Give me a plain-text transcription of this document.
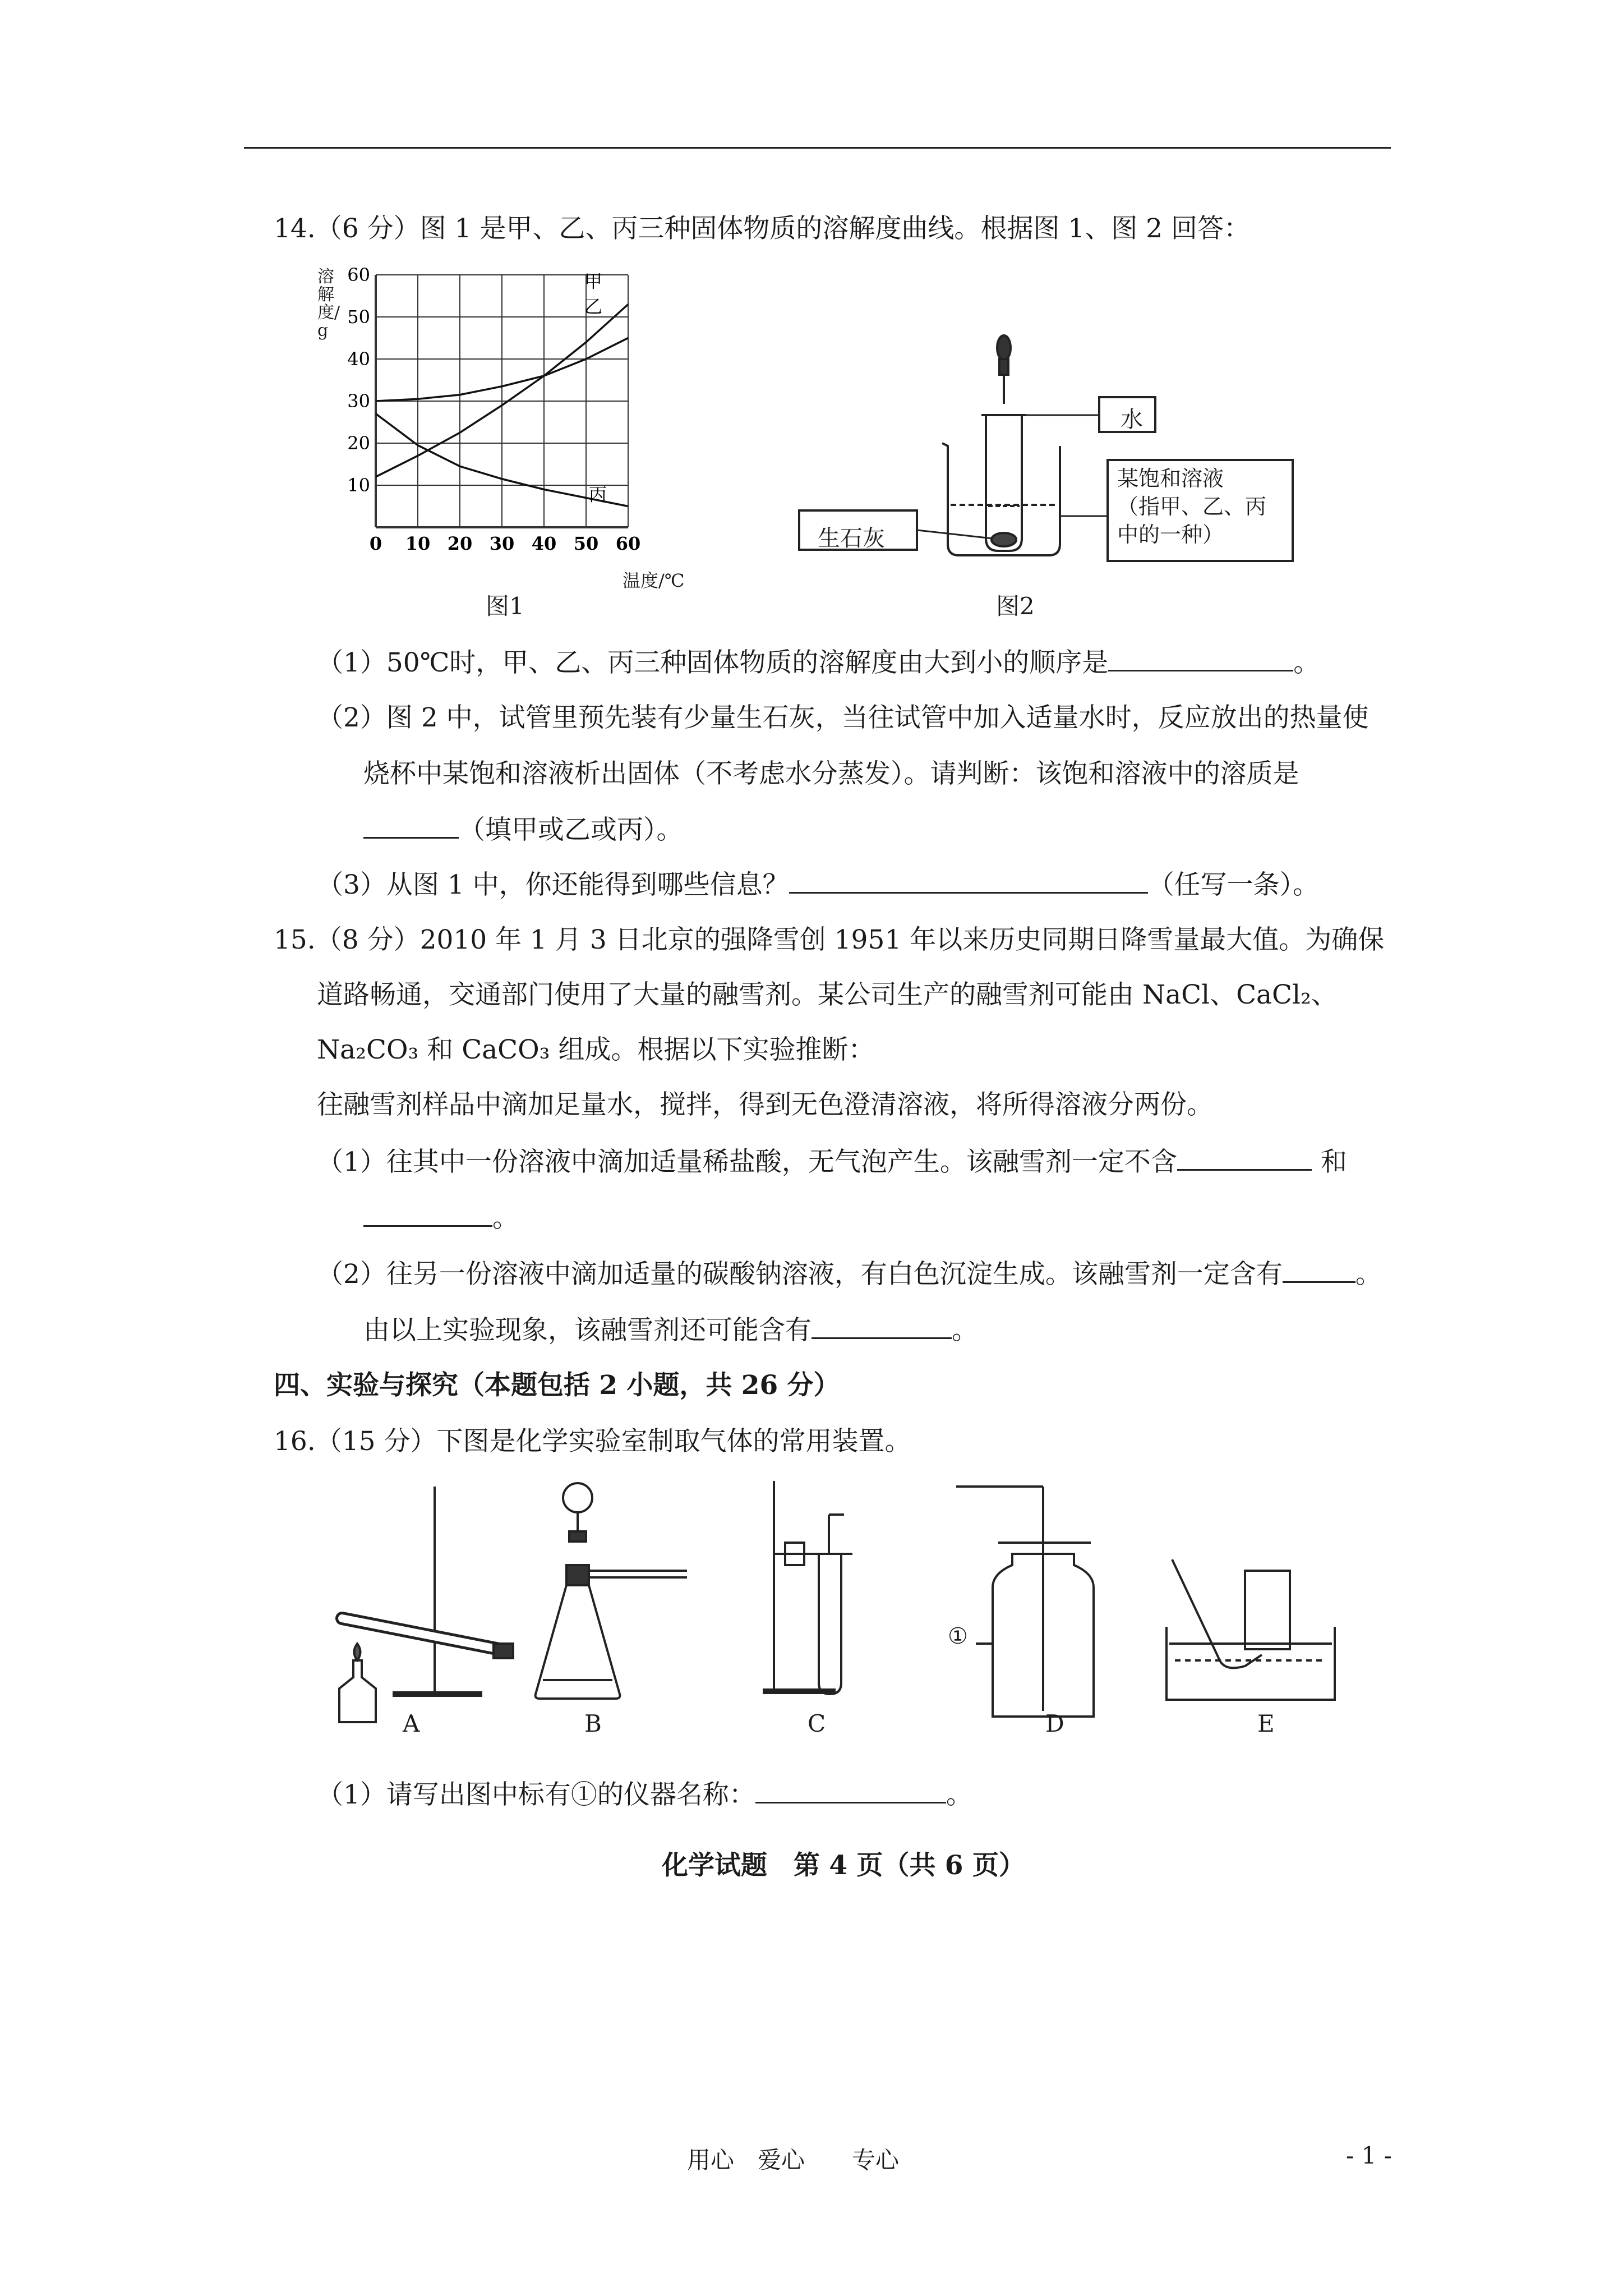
14.（6 分）图 1 是甲、乙、丙三种固体物质的溶解度曲线。根据图 1、图 2 回答：
0 10 20 30 40 50 60
10
20
30
40
50
60	甲
乙
丙
溶解度/g
温度/℃
图1
水
生石灰
某饱和溶液
（指甲、乙、丙
中的一种）
图2
（1）50℃时，甲、乙、丙三种固体物质的溶解度由大到小的顺序是	。
（2）图 2 中，试管里预先装有少量生石灰，当往试管中加入适量水时，反应放出的热量使
烧杯中某饱和溶液析出固体（不考虑水分蒸发）。请判断：该饱和溶液中的溶质是
（填甲或乙或丙）。
（3）从图 1 中，你还能得到哪些信息？	（任写一条）。
15.（8 分）2010 年 1 月 3 日北京的强降雪创 1951 年以来历史同期日降雪量最大值。为确保
道路畅通，交通部门使用了大量的融雪剂。某公司生产的融雪剂可能由 NaCl、CaCl₂、
Na₂CO₃ 和 CaCO₃ 组成。根据以下实验推断：
往融雪剂样品中滴加足量水，搅拌，得到无色澄清溶液，将所得溶液分两份。
（1）往其中一份溶液中滴加适量稀盐酸，无气泡产生。该融雪剂一定不含	和
。
（2）往另一份溶液中滴加适量的碳酸钠溶液，有白色沉淀生成。该融雪剂一定含有	。
由以上实验现象，该融雪剂还可能含有	。
四、实验与探究（本题包括 2 小题，共 26 分）
16.（15 分）下图是化学实验室制取气体的常用装置。
①
A	B	C	D	E
（1）请写出图中标有①的仪器名称：	。
化学试题　第 4 页（共 6 页）
用心　爱心　　专心	- 1 -
